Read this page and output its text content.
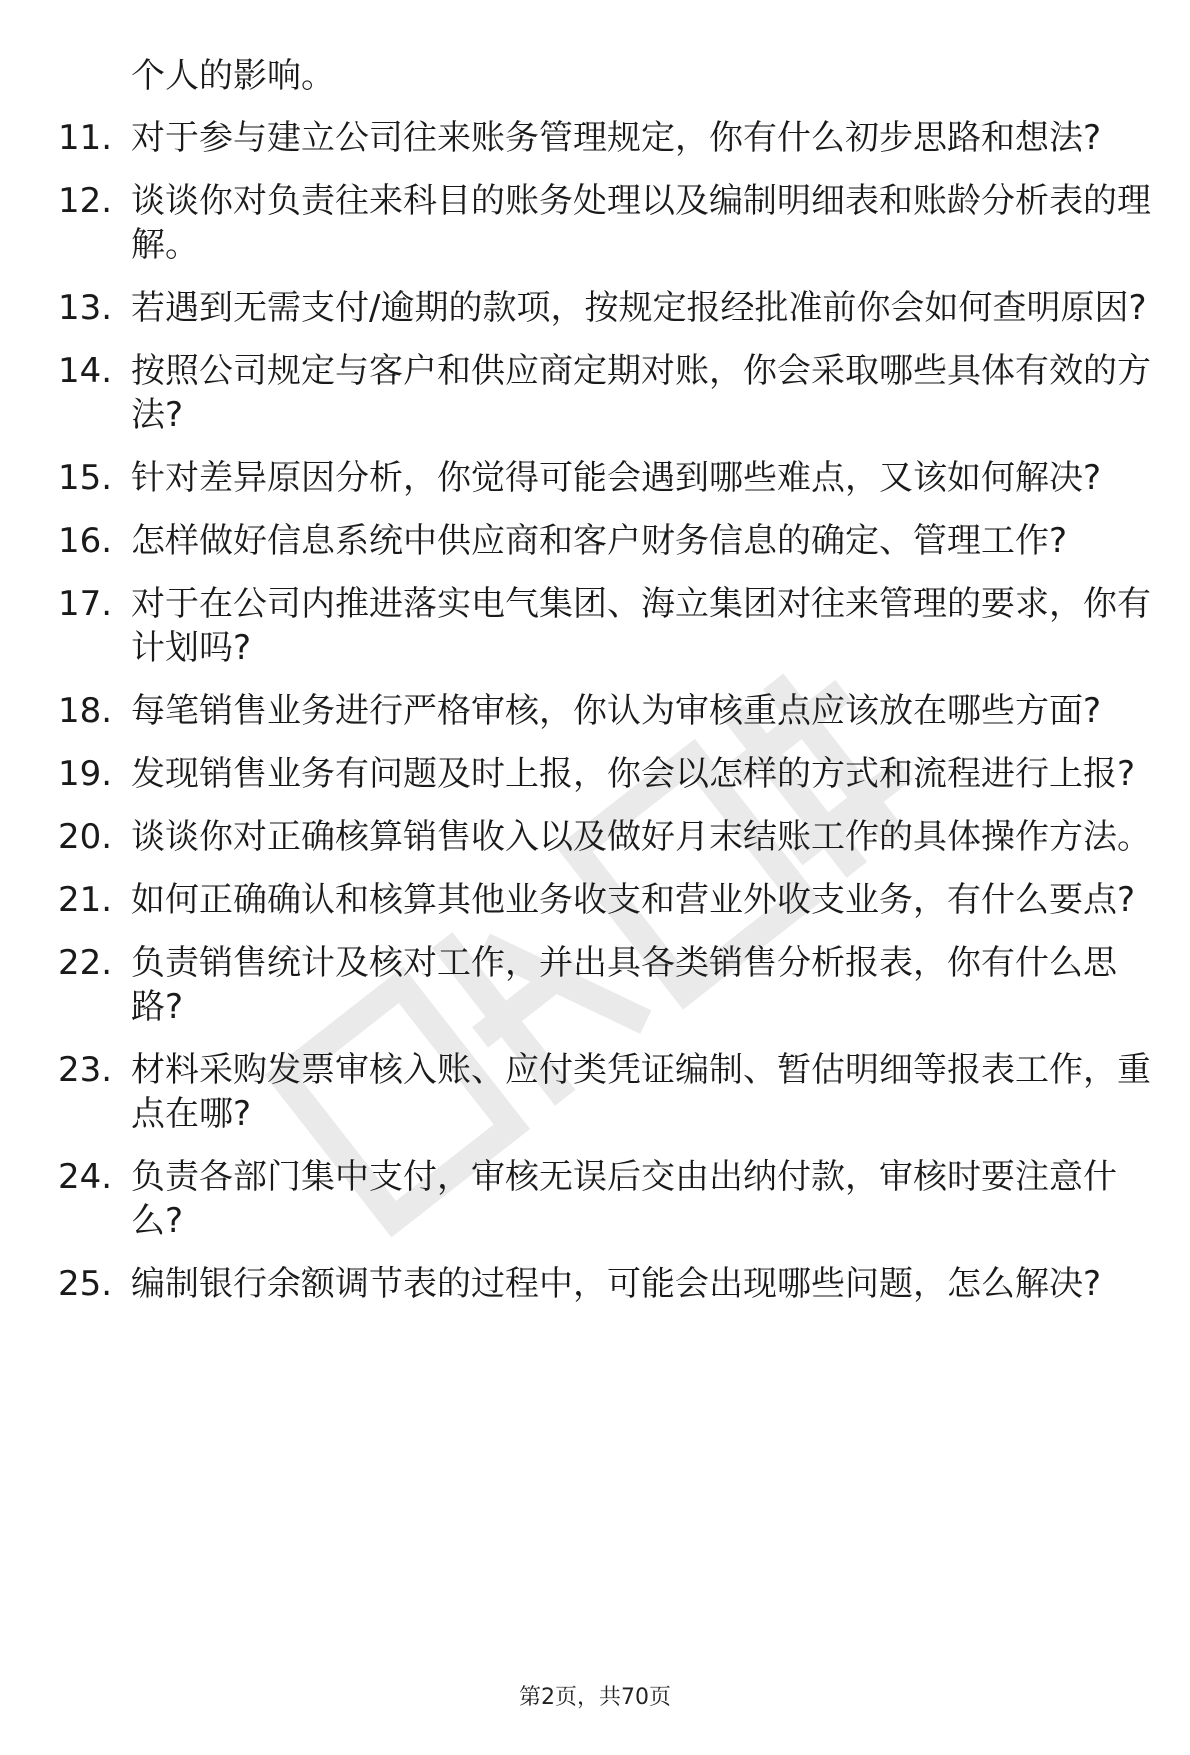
个人的影响。

11. 对于参与建立公司往来账务管理规定，你有什么初步思路和想法?
12. 谈谈你对负责往来科目的账务处理以及编制明细表和账龄分析表的理解。
13. 若遇到无需支付/逾期的款项，按规定报经批准前你会如何查明原因?
14. 按照公司规定与客户和供应商定期对账，你会采取哪些具体有效的方法?
15. 针对差异原因分析，你觉得可能会遇到哪些难点，又该如何解决?
16. 怎样做好信息系统中供应商和客户财务信息的确定、管理工作?
17. 对于在公司内推进落实电气集团、海立集团对往来管理的要求，你有计划吗?
18. 每笔销售业务进行严格审核，你认为审核重点应该放在哪些方面?
19. 发现销售业务有问题及时上报，你会以怎样的方式和流程进行上报?
20. 谈谈你对正确核算销售收入以及做好月末结账工作的具体操作方法。
21. 如何正确确认和核算其他业务收支和营业外收支业务，有什么要点?
22. 负责销售统计及核对工作，并出具各类销售分析报表，你有什么思路?
23. 材料采购发票审核入账、应付类凭证编制、暂估明细等报表工作，重点在哪?
24. 负责各部门集中支付，审核无误后交由出纳付款，审核时要注意什么?
25. 编制银行余额调节表的过程中，可能会出现哪些问题，怎么解决?
第2页，共70页
